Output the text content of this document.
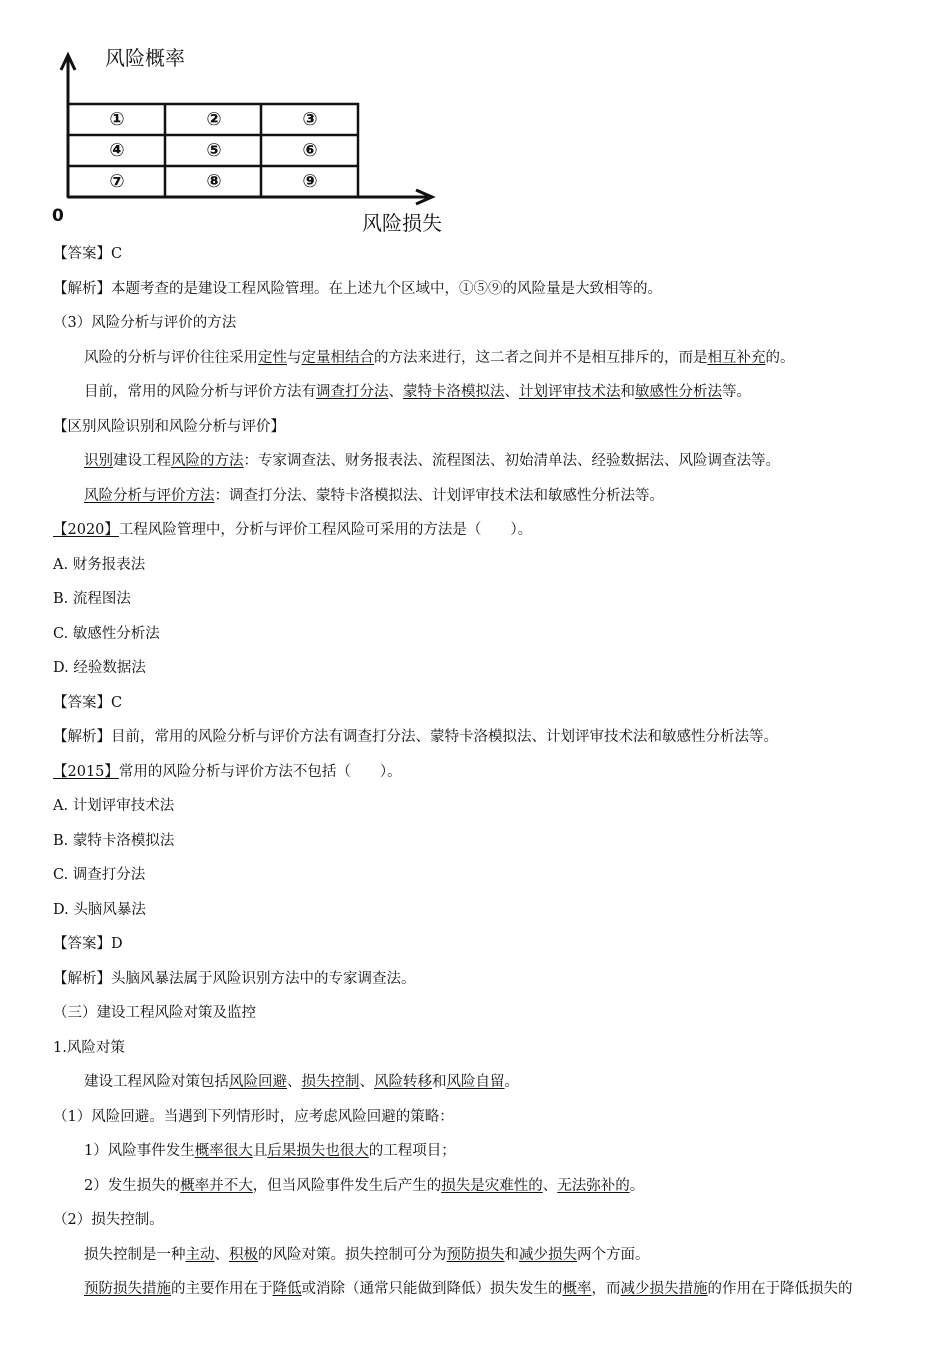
风险概率
风险损失
0
①	②	③
④	⑤	⑥
⑦	⑧	⑨
【答案】C
【解析】本题考查的是建设工程风险管理。在上述九个区域中，①⑤⑨的风险量是大致相等的。
（3）风险分析与评价的方法
风险的分析与评价往往采用定性与定量相结合的方法来进行，这二者之间并不是相互排斥的，而是相互补充的。
目前，常用的风险分析与评价方法有调查打分法、蒙特卡洛模拟法、计划评审技术法和敏感性分析法等。
【区别风险识别和风险分析与评价】
识别建设工程风险的方法：专家调查法、财务报表法、流程图法、初始清单法、经验数据法、风险调查法等。
风险分析与评价方法：调查打分法、蒙特卡洛模拟法、计划评审技术法和敏感性分析法等。
【2020】工程风险管理中，分析与评价工程风险可采用的方法是（　　）。
A. 财务报表法
B. 流程图法
C. 敏感性分析法
D. 经验数据法
【答案】C
【解析】目前，常用的风险分析与评价方法有调查打分法、蒙特卡洛模拟法、计划评审技术法和敏感性分析法等。
【2015】常用的风险分析与评价方法不包括（　　）。
A. 计划评审技术法
B. 蒙特卡洛模拟法
C. 调查打分法
D. 头脑风暴法
【答案】D
【解析】头脑风暴法属于风险识别方法中的专家调查法。
（三）建设工程风险对策及监控
1.风险对策
建设工程风险对策包括风险回避、损失控制、风险转移和风险自留。
（1）风险回避。当遇到下列情形时，应考虑风险回避的策略：
1）风险事件发生概率很大且后果损失也很大的工程项目；
2）发生损失的概率并不大，但当风险事件发生后产生的损失是灾难性的、无法弥补的。
（2）损失控制。
损失控制是一种主动、积极的风险对策。损失控制可分为预防损失和减少损失两个方面。
预防损失措施的主要作用在于降低或消除（通常只能做到降低）损失发生的概率，而减少损失措施的作用在于降低损失的
